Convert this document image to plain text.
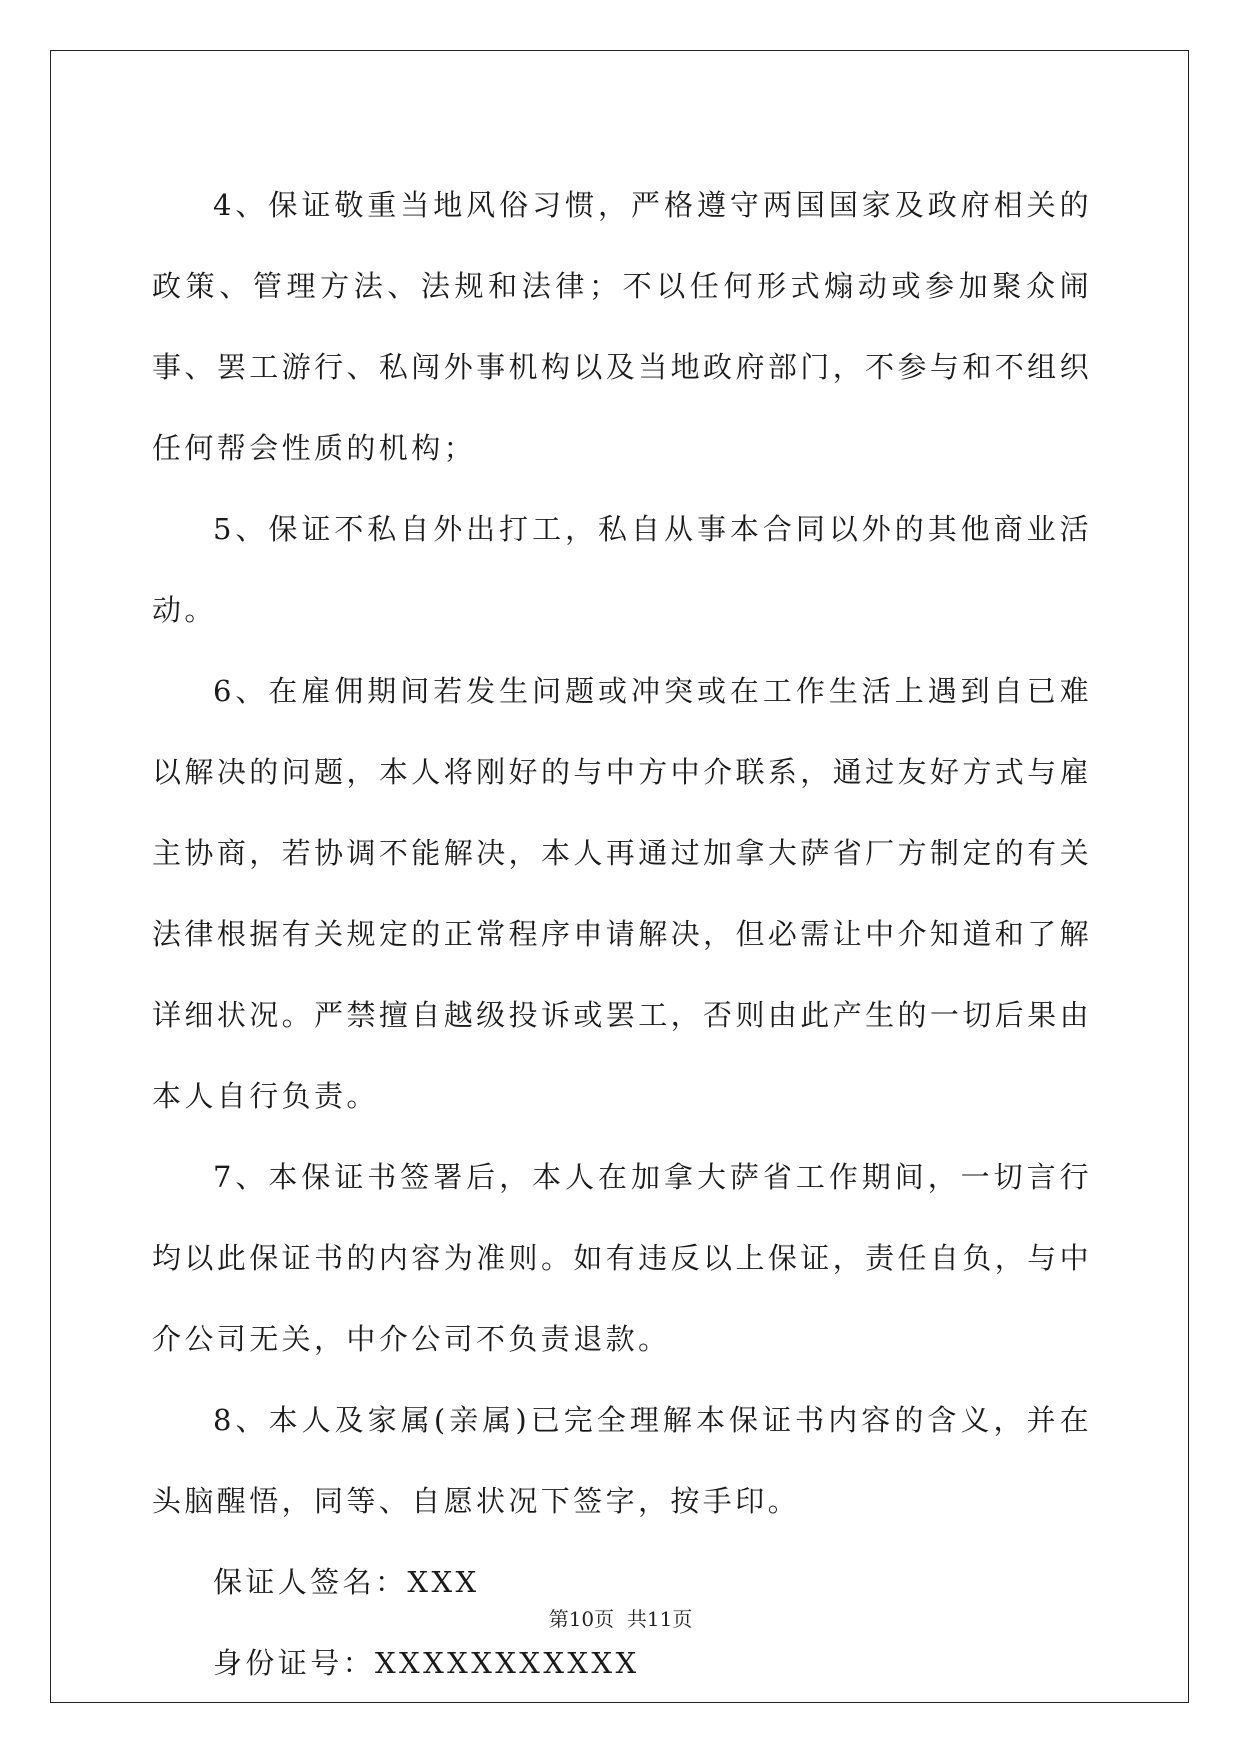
4、保证敬重当地风俗习惯，严格遵守两国国家及政府相关的政策、管理方法、法规和法律；不以任何形式煽动或参加聚众闹事、罢工游行、私闯外事机构以及当地政府部门，不参与和不组织任何帮会性质的机构；

5、保证不私自外出打工，私自从事本合同以外的其他商业活动。

6、在雇佣期间若发生问题或冲突或在工作生活上遇到自已难以解决的问题，本人将刚好的与中方中介联系，通过友好方式与雇主协商，若协调不能解决，本人再通过加拿大萨省厂方制定的有关法律根据有关规定的正常程序申请解决，但必需让中介知道和了解详细状况。严禁擅自越级投诉或罢工，否则由此产生的一切后果由本人自行负责。

7、本保证书签署后，本人在加拿大萨省工作期间，一切言行均以此保证书的内容为准则。如有违反以上保证，责任自负，与中介公司无关，中介公司不负责退款。

8、本人及家属(亲属)已完全理解本保证书内容的含义，并在头脑醒悟，同等、自愿状况下签字，按手印。

保证人签名：XXX

身份证号：XXXXXXXXXXX

第10页  共11页
